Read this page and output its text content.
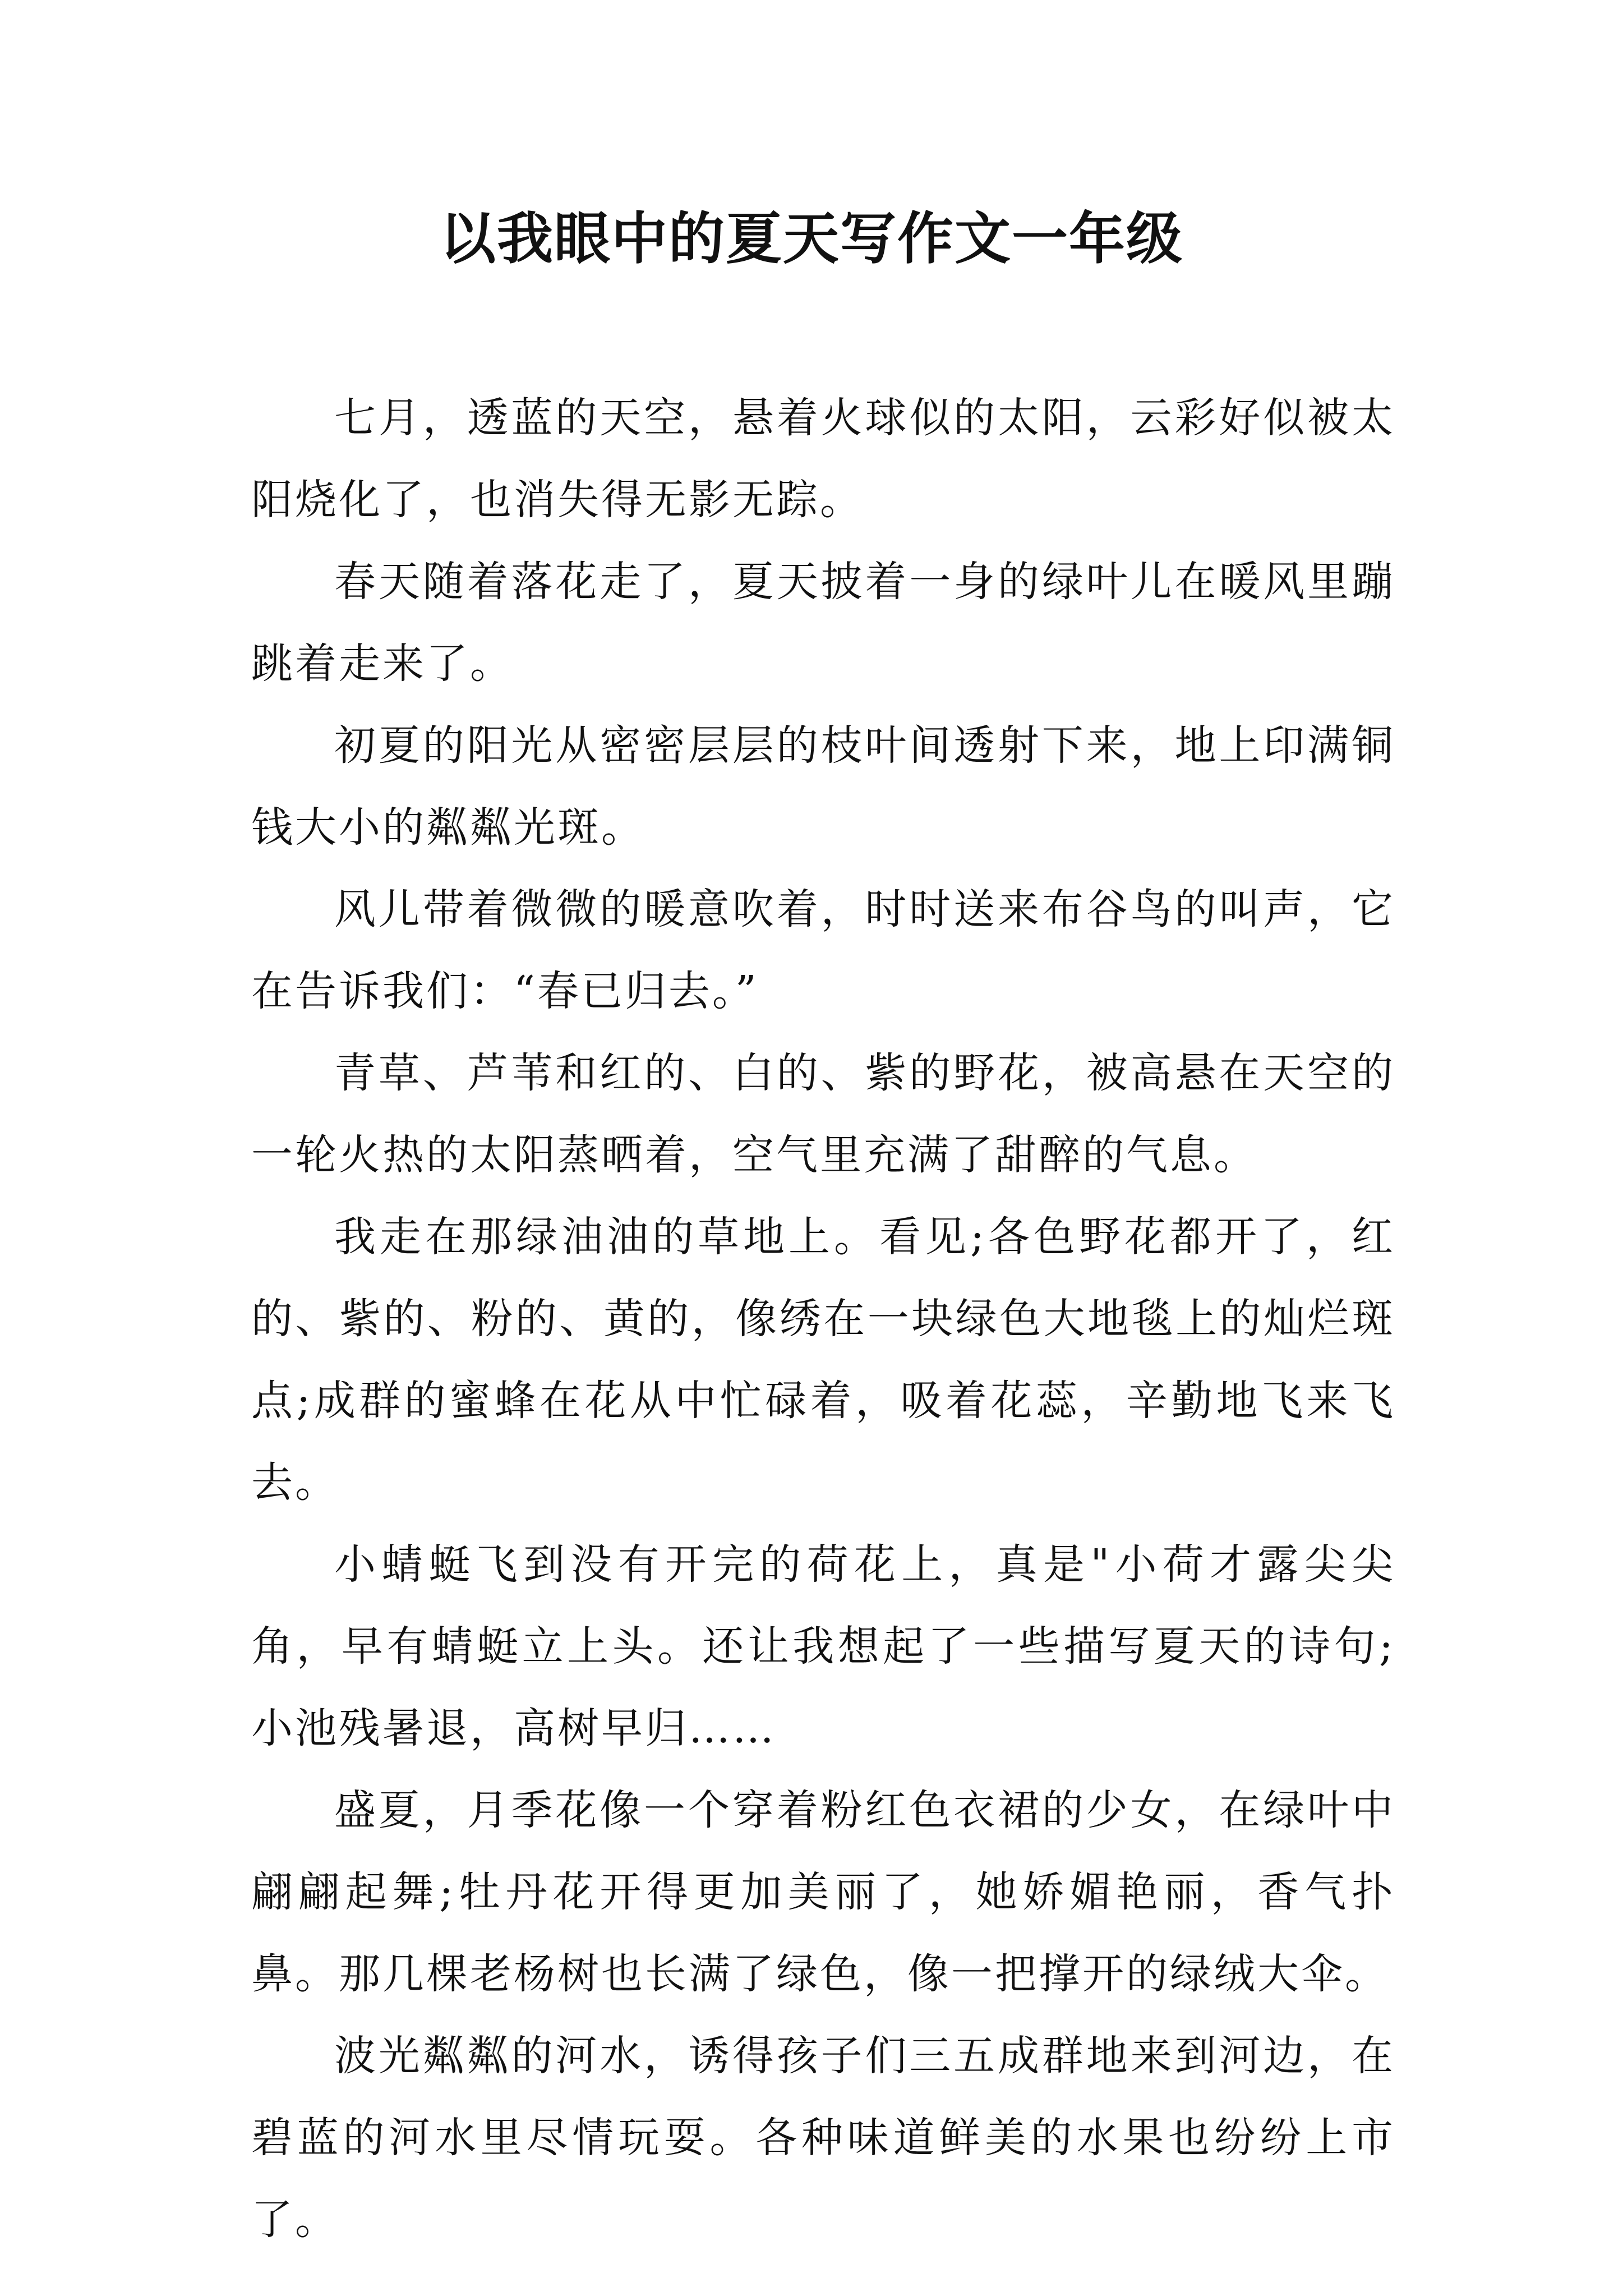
以我眼中的夏天写作文一年级

七月，透蓝的天空，悬着火球似的太阳，云彩好似被太阳烧化了，也消失得无影无踪。

春天随着落花走了，夏天披着一身的绿叶儿在暖风里蹦跳着走来了。

初夏的阳光从密密层层的枝叶间透射下来，地上印满铜钱大小的粼粼光斑。

风儿带着微微的暖意吹着，时时送来布谷鸟的叫声，它在告诉我们：“春已归去。”

青草、芦苇和红的、白的、紫的野花，被高悬在天空的一轮火热的太阳蒸晒着，空气里充满了甜醉的气息。

我走在那绿油油的草地上。看见;各色野花都开了，红的、紫的、粉的、黄的，像绣在一块绿色大地毯上的灿烂斑点;成群的蜜蜂在花从中忙碌着，吸着花蕊，辛勤地飞来飞去。

小蜻蜓飞到没有开完的荷花上，真是"小荷才露尖尖角，早有蜻蜓立上头。还让我想起了一些描写夏天的诗句;小池残暑退，高树早归……

盛夏，月季花像一个穿着粉红色衣裙的少女，在绿叶中翩翩起舞;牡丹花开得更加美丽了，她娇媚艳丽，香气扑鼻。那几棵老杨树也长满了绿色，像一把撑开的绿绒大伞。

波光粼粼的河水，诱得孩子们三五成群地来到河边，在碧蓝的河水里尽情玩耍。各种味道鲜美的水果也纷纷上市了。
